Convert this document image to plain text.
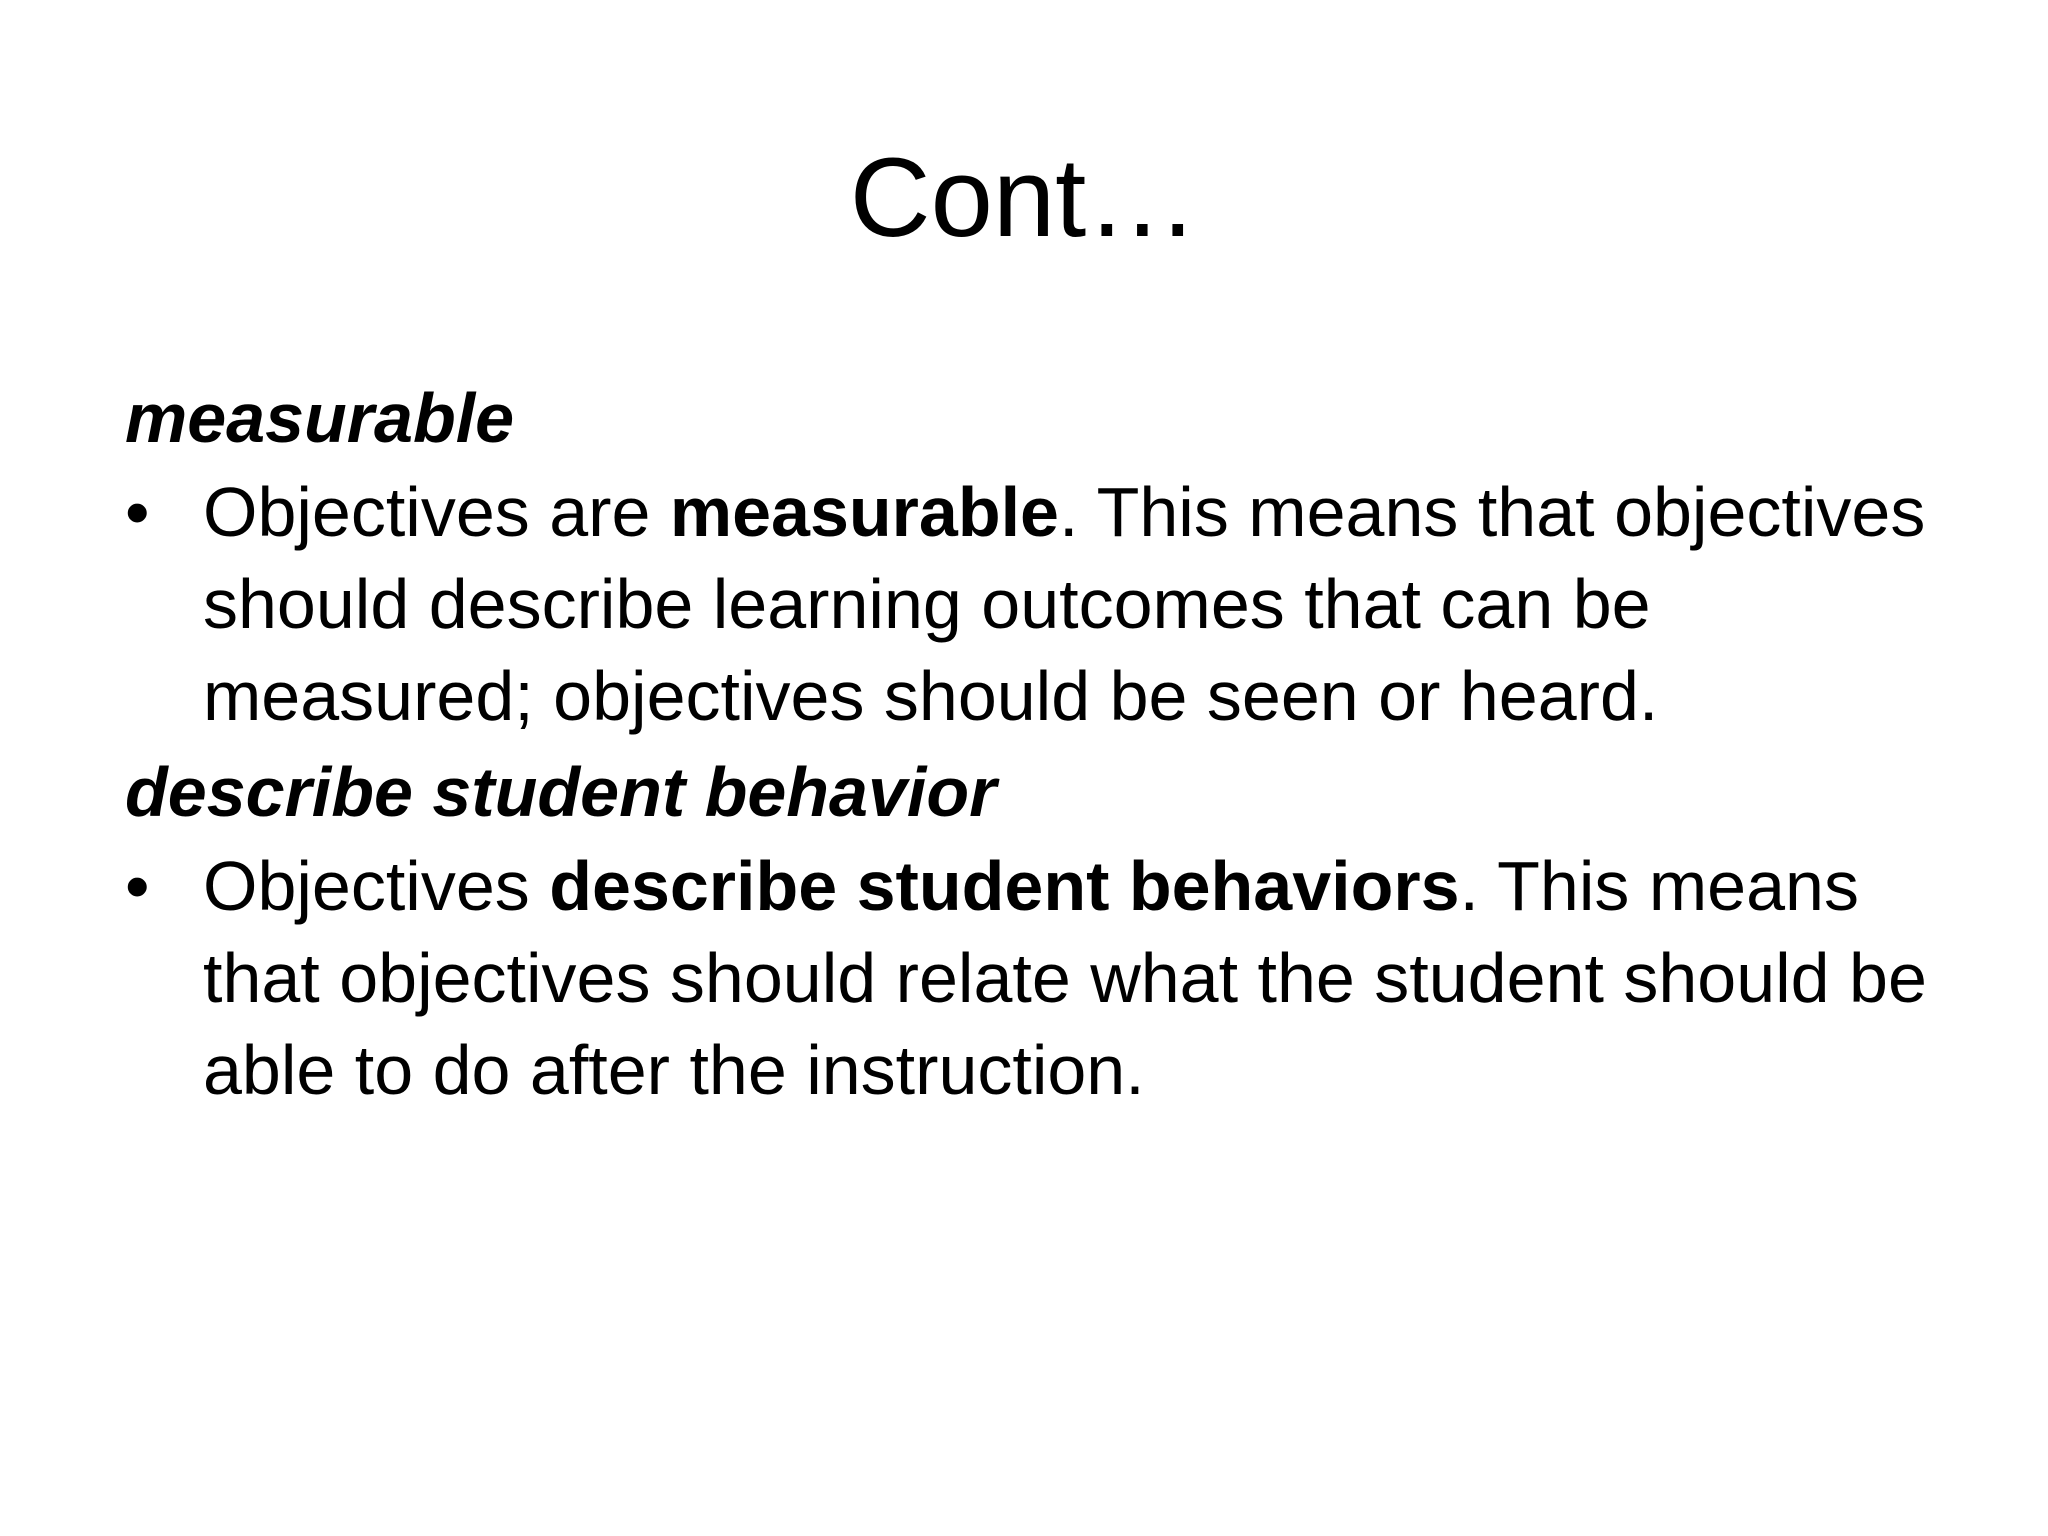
Cont…

measurable

• Objectives are measurable. This means that objectives should describe learning outcomes that can be measured; objectives should be seen or heard.

describe student behavior

• Objectives describe student behaviors. This means that objectives should relate what the student should be able to do after the instruction.
